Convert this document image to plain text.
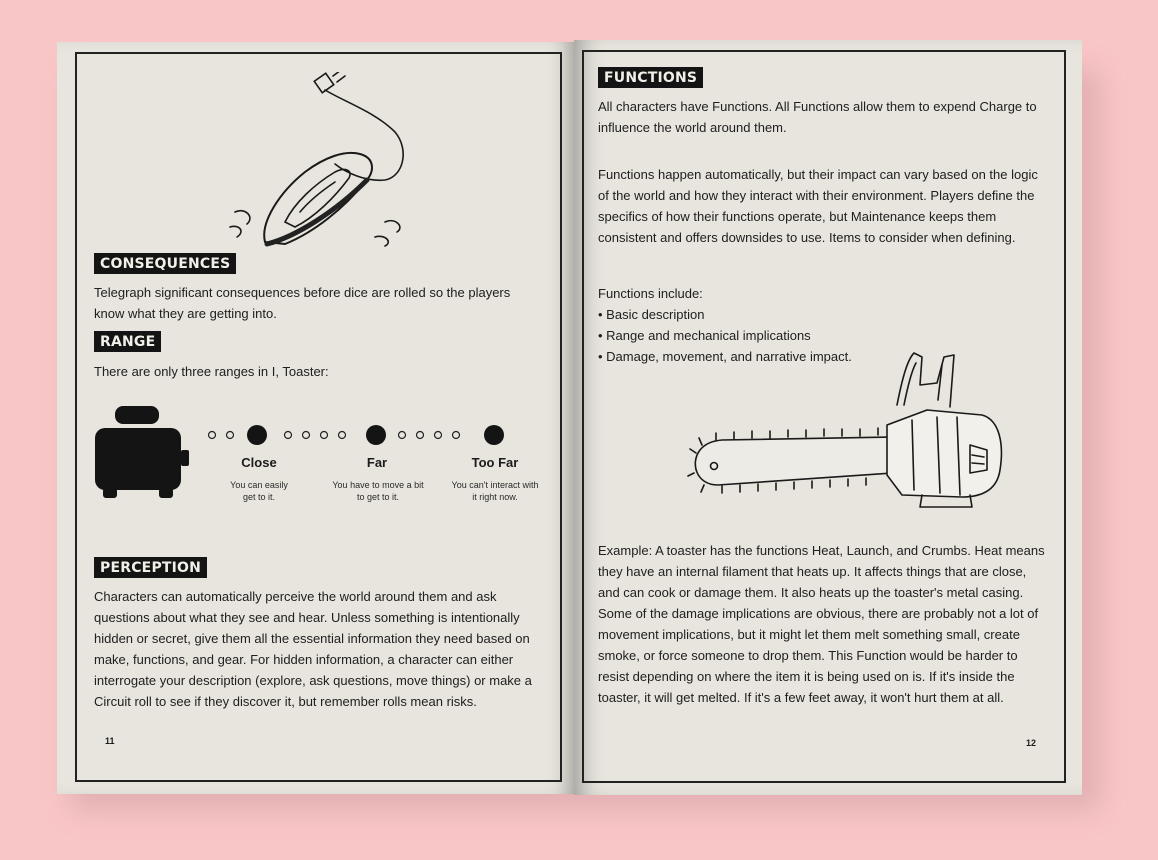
CONSEQUENCES
Telegraph significant consequences before dice are rolled so the players know what they are getting into.
RANGE
There are only three ranges in I, Toaster:
Close	Far	Too Far
You can easily get to it.
You have to move a bit to get to it.
You can't interact with it right now.
PERCEPTION
Characters can automatically perceive the world around them and ask questions about what they see and hear. Unless something is intentionally hidden or secret, give them all the essential information they need based on make, functions, and gear. For hidden information, a character can either interrogate your description (explore, ask questions, move things) or make a Circuit roll to see if they discover it, but remember rolls mean risks.
11
FUNCTIONS
All characters have Functions. All Functions allow them to expend Charge to influence the world around them.
Functions happen automatically, but their impact can vary based on the logic of the world and how they interact with their environment. Players define the specifics of how their functions operate, but Maintenance keeps them consistent and offers downsides to use. Items to consider when defining.
Functions include:
• Basic description
• Range and mechanical implications
• Damage, movement, and narrative impact.
Example: A toaster has the functions Heat, Launch, and Crumbs. Heat means they have an internal filament that heats up. It affects things that are close, and can cook or damage them. It also heats up the toaster's metal casing. Some of the damage implications are obvious, there are probably not a lot of movement implications, but it might let them melt something small, create smoke, or force someone to drop them. This Function would be harder to resist depending on where the item it is being used on is. If it's inside the toaster, it will get melted. If it's a few feet away, it won't hurt them at all.
12
